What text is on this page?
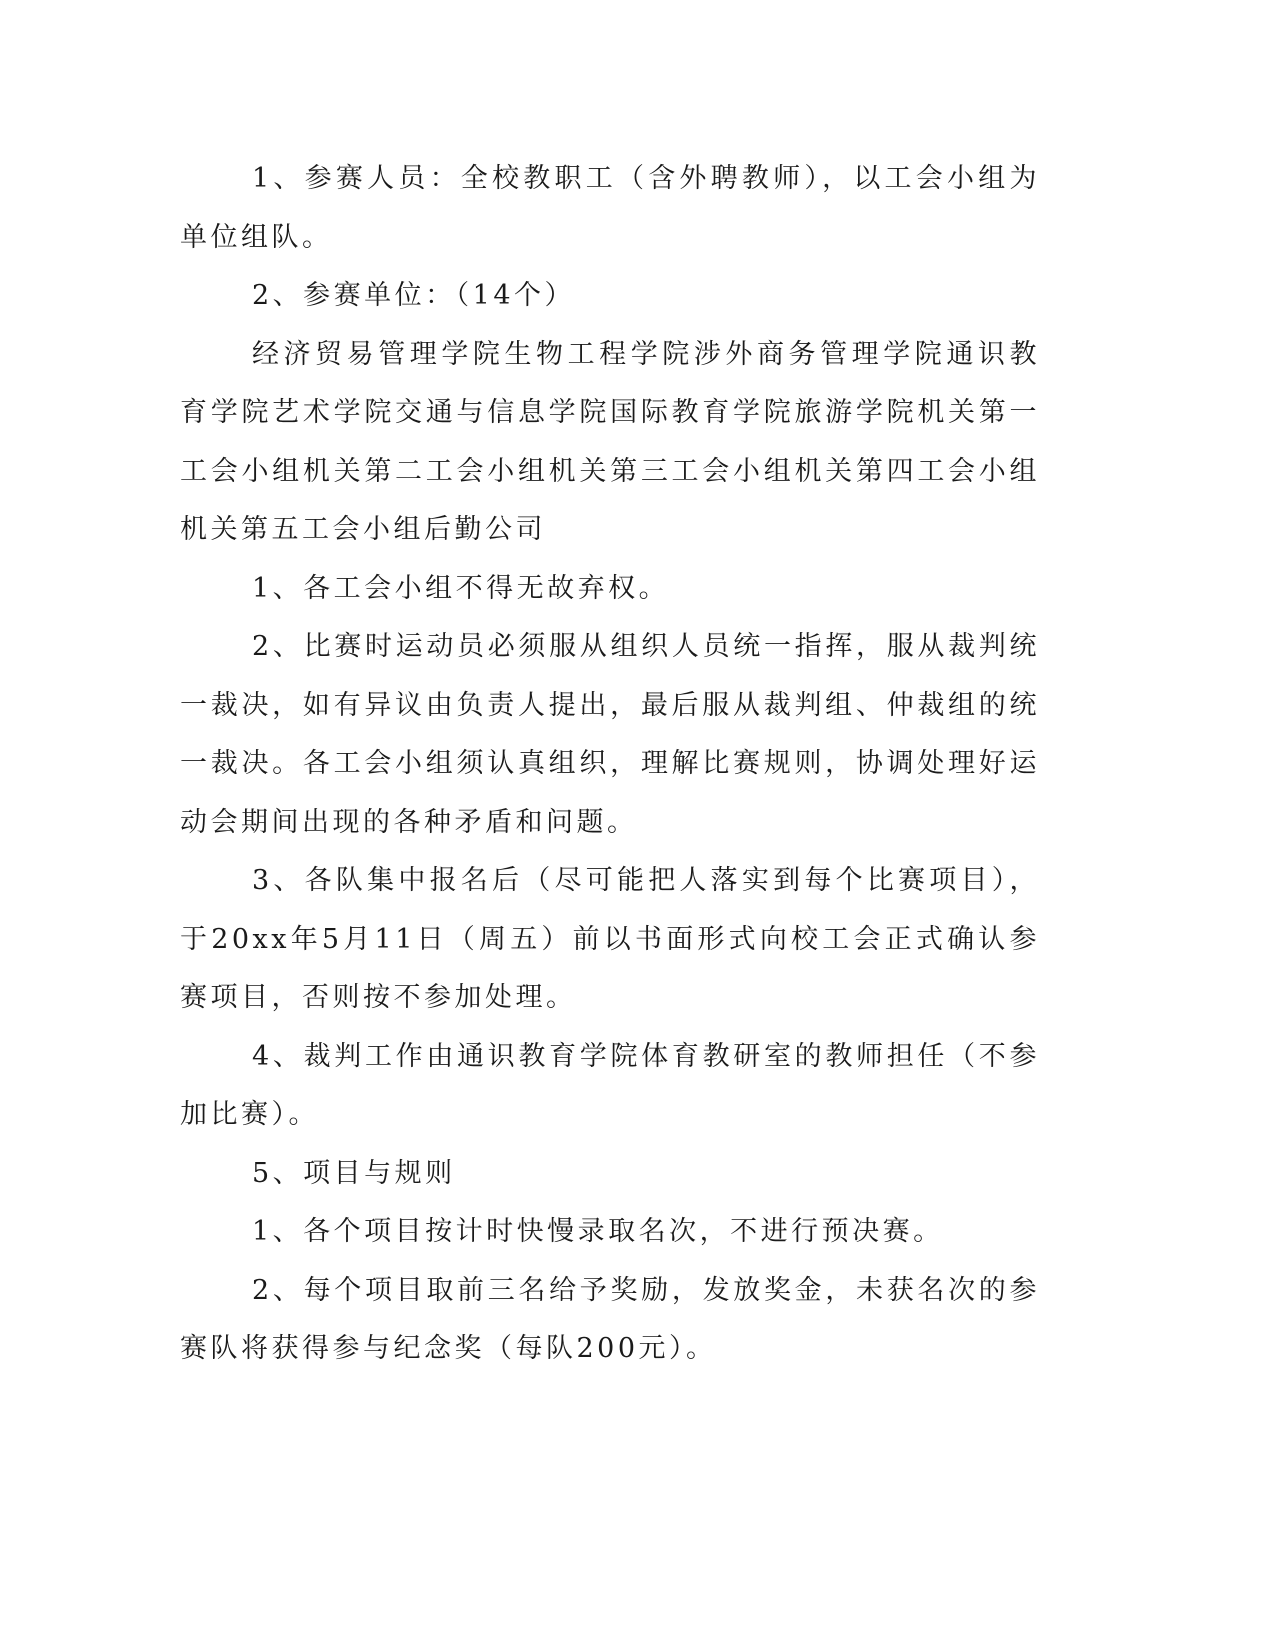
1、参赛人员：全校教职工（含外聘教师），以工会小组为单位组队。

2、参赛单位：（14个）

经济贸易管理学院生物工程学院涉外商务管理学院通识教育学院艺术学院交通与信息学院国际教育学院旅游学院机关第一工会小组机关第二工会小组机关第三工会小组机关第四工会小组机关第五工会小组后勤公司

1、各工会小组不得无故弃权。

2、比赛时运动员必须服从组织人员统一指挥，服从裁判统一裁决，如有异议由负责人提出，最后服从裁判组、仲裁组的统一裁决。各工会小组须认真组织，理解比赛规则，协调处理好运动会期间出现的各种矛盾和问题。

3、各队集中报名后（尽可能把人落实到每个比赛项目），于20xx年5月11日（周五）前以书面形式向校工会正式确认参赛项目，否则按不参加处理。

4、裁判工作由通识教育学院体育教研室的教师担任（不参加比赛）。

5、项目与规则

1、各个项目按计时快慢录取名次，不进行预决赛。

2、每个项目取前三名给予奖励，发放奖金，未获名次的参赛队将获得参与纪念奖（每队200元）。
